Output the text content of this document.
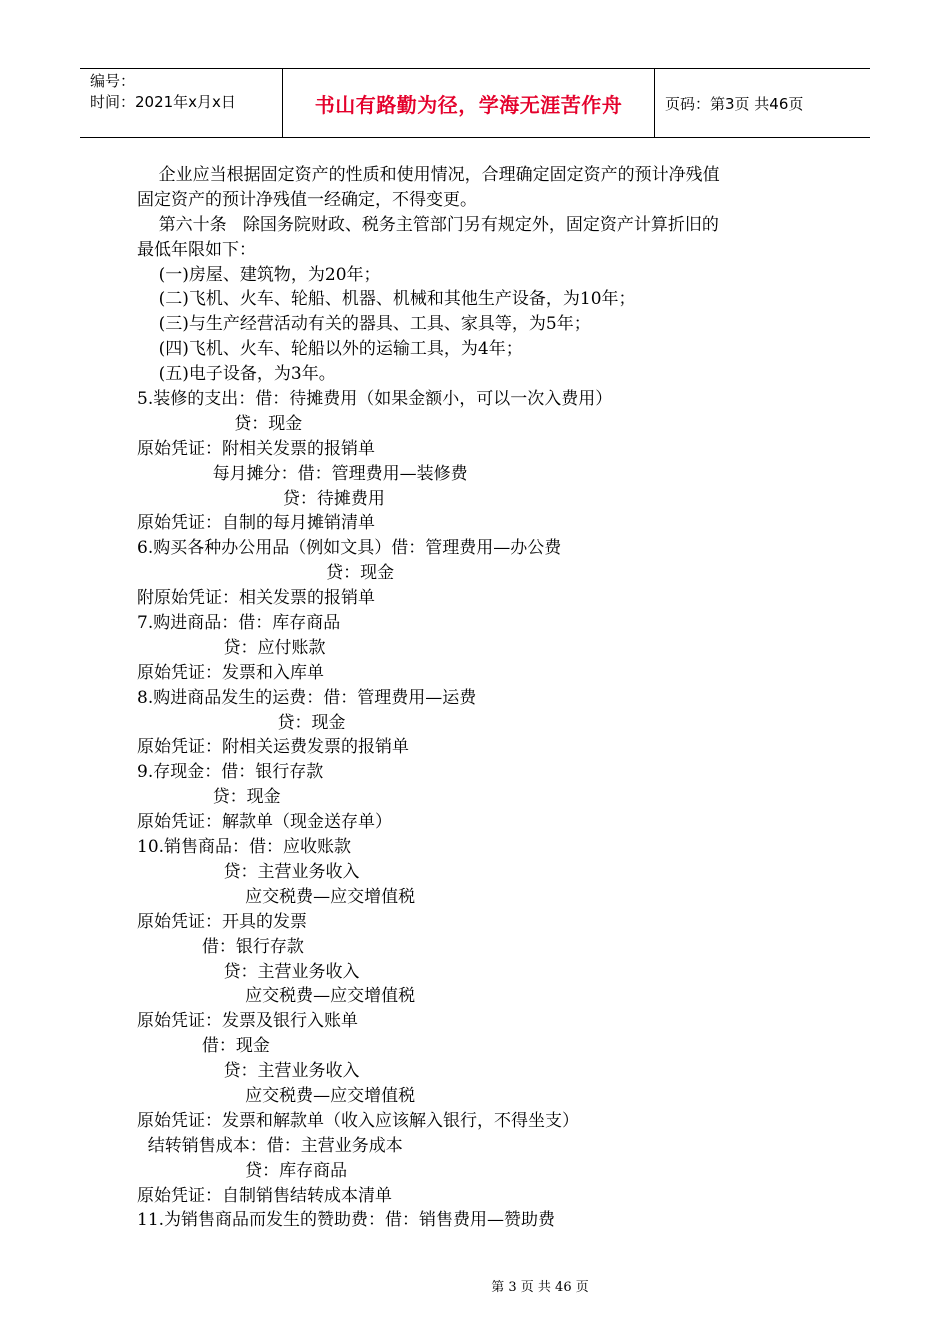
编号：
时间：2021年x月x日	书山有路勤为径，学海无涯苦作舟	页码：第3页 共46页
企业应当根据固定资产的性质和使用情况，合理确定固定资产的预计净残值
固定资产的预计净残值一经确定，不得变更。
第六十条   除国务院财政、税务主管部门另有规定外，固定资产计算折旧的
最低年限如下：
(一)房屋、建筑物，为20年；
(二)飞机、火车、轮船、机器、机械和其他生产设备，为10年；
(三)与生产经营活动有关的器具、工具、家具等，为5年；
(四)飞机、火车、轮船以外的运输工具，为4年；
(五)电子设备，为3年。
5.装修的支出：借：待摊费用（如果金额小，可以一次入费用）
贷：现金
原始凭证：附相关发票的报销单
每月摊分：借：管理费用—装修费
贷：待摊费用
原始凭证：自制的每月摊销清单
6.购买各种办公用品（例如文具）借：管理费用—办公费
贷：现金
附原始凭证：相关发票的报销单
7.购进商品：借：库存商品
贷：应付账款
原始凭证：发票和入库单
8.购进商品发生的运费：借：管理费用—运费
贷：现金
原始凭证：附相关运费发票的报销单
9.存现金：借：银行存款
贷：现金
原始凭证：解款单（现金送存单）
10.销售商品：借：应收账款
贷：主营业务收入
应交税费—应交增值税
原始凭证：开具的发票
借：银行存款
贷：主营业务收入
应交税费—应交增值税
原始凭证：发票及银行入账单
借：现金
贷：主营业务收入
应交税费—应交增值税
原始凭证：发票和解款单（收入应该解入银行，不得坐支）
结转销售成本：借：主营业务成本
贷：库存商品
原始凭证：自制销售结转成本清单
11.为销售商品而发生的赞助费：借：销售费用—赞助费
第 3 页 共 46 页
